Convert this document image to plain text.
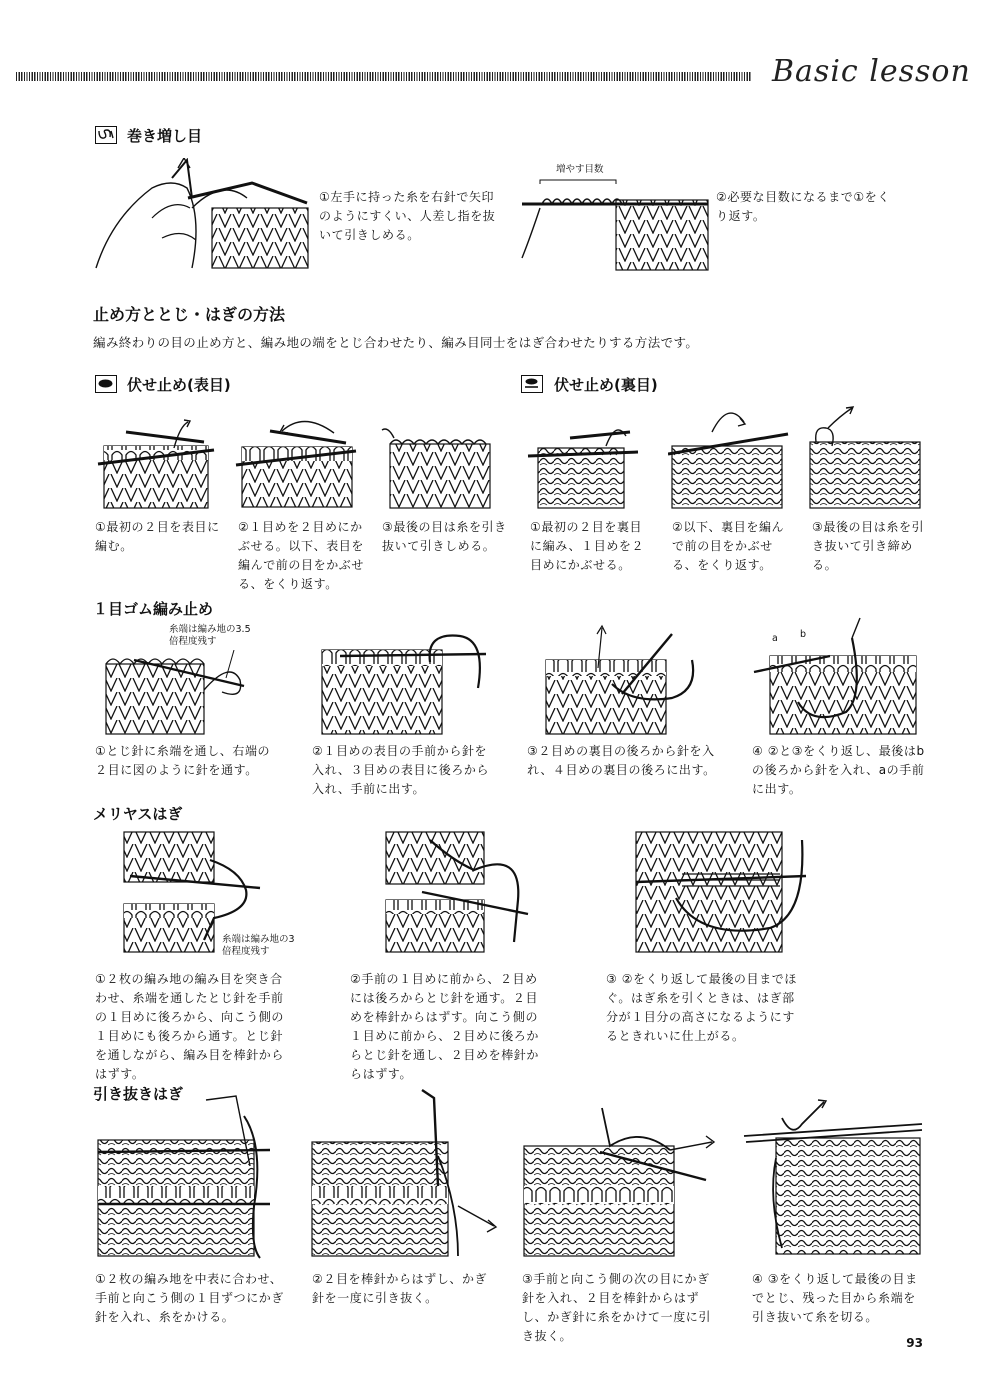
Basic lesson
巻き増し目
①左手に持った糸を右針で矢印のようにすくい、人差し指を抜いて引きしめる。
増やす目数
②必要な目数になるまで①をくり返す。
止め方ととじ・はぎの方法
編み終わりの目の止め方と、編み地の端をとじ合わせたり、編み目同士をはぎ合わせたりする方法です。
伏せ止め(表目)
①最初の２目を表目に編む。
②１目めを２目めにかぶせる。以下、表目を編んで前の目をかぶせる、をくり返す。
③最後の目は糸を引き抜いて引きしめる。
伏せ止め(裏目)
①最初の２目を裏目に編み、１目めを２目めにかぶせる。
②以下、裏目を編んで前の目をかぶせる、をくり返す。
③最後の目は糸を引き抜いて引き締める。
１目ゴム編み止め
糸端は編み地の3.5倍程度残す	a b
①とじ針に糸端を通し、右端の２目に図のように針を通す。
②１目めの表目の手前から針を入れ、３目めの表目に後ろから入れ、手前に出す。
③２目めの裏目の後ろから針を入れ、４目めの裏目の後ろに出す。
④ ②と③をくり返し、最後はbの後ろから針を入れ、aの手前に出す。
メリヤスはぎ
糸端は編み地の3倍程度残す
①２枚の編み地の編み目を突き合わせ、糸端を通したとじ針を手前の１目めに後ろから、向こう側の１目めにも後ろから通す。とじ針を通しながら、編み目を棒針からはずす。
②手前の１目めに前から、２目めには後ろからとじ針を通す。２目めを棒針からはずす。向こう側の１目めに前から、２目めに後ろからとじ針を通し、２目めを棒針からはずす。
③ ②をくり返して最後の目までほぐ。はぎ糸を引くときは、はぎ部分が１目分の高さになるようにするときれいに仕上がる。
引き抜きはぎ
①２枚の編み地を中表に合わせ、手前と向こう側の１目ずつにかぎ針を入れ、糸をかける。
②２目を棒針からはずし、かぎ針を一度に引き抜く。
③手前と向こう側の次の目にかぎ針を入れ、２目を棒針からはずし、かぎ針に糸をかけて一度に引き抜く。
④ ③をくり返して最後の目までとじ、残った目から糸端を引き抜いて糸を切る。
93
